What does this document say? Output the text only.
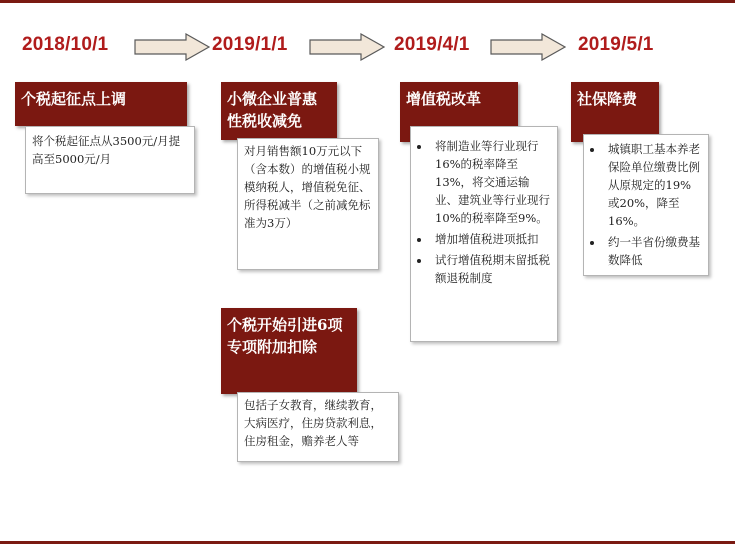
2018/10/1	2019/1/1	2019/4/1	2019/5/1
个税起征点上调
将个税起征点从3500元/月提高至5000元/月
小微企业普惠性税收减免
对月销售额10万元以下（含本数）的增值税小规模纳税人，增值税免征、所得税减半（之前减免标准为3万）
个税开始引进6项专项附加扣除
包括子女教育，继续教育，大病医疗，住房贷款利息，住房租金，赡养老人等
增值税改革
• 将制造业等行业现行16%的税率降至13%，将交通运输业、建筑业等行业现行10%的税率降至9%。
• 增加增值税进项抵扣
• 试行增值税期末留抵税额退税制度
社保降费
• 城镇职工基本养老保险单位缴费比例从原规定的19%或20%，降至16%。
• 约一半省份缴费基数降低
